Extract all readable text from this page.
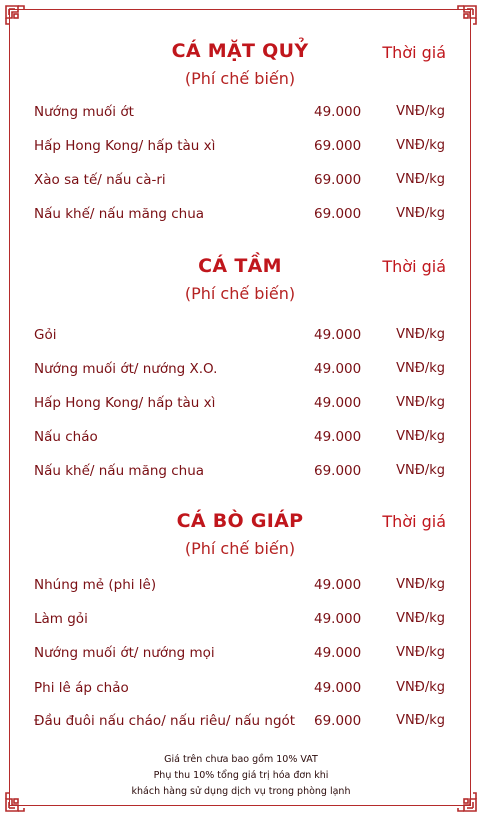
CÁ MẶT QUỶ	Thời giá
(Phí chế biến)
Nướng muối ớt	49.000	VNĐ/kg
Hấp Hong Kong/ hấp tàu xì	69.000	VNĐ/kg
Xào sa tế/ nấu cà-ri	69.000	VNĐ/kg
Nấu khế/ nấu măng chua	69.000	VNĐ/kg
CÁ TẦM	Thời giá
(Phí chế biến)
Gỏi	49.000	VNĐ/kg
Nướng muối ớt/ nướng X.O.	49.000	VNĐ/kg
Hấp Hong Kong/ hấp tàu xì	49.000	VNĐ/kg
Nấu cháo	49.000	VNĐ/kg
Nấu khế/ nấu măng chua	69.000	VNĐ/kg
CÁ BÒ GIÁP	Thời giá
(Phí chế biến)
Nhúng mẻ (phi lê)	49.000	VNĐ/kg
Làm gỏi	49.000	VNĐ/kg
Nướng muối ớt/ nướng mọi	49.000	VNĐ/kg
Phi lê áp chảo	49.000	VNĐ/kg
Đầu đuôi nấu cháo/ nấu riêu/ nấu ngót 69.000	VNĐ/kg
Giá trên chưa bao gồm 10% VAT
Phụ thu 10% tổng giá trị hóa đơn khi
khách hàng sử dụng dịch vụ trong phòng lạnh
